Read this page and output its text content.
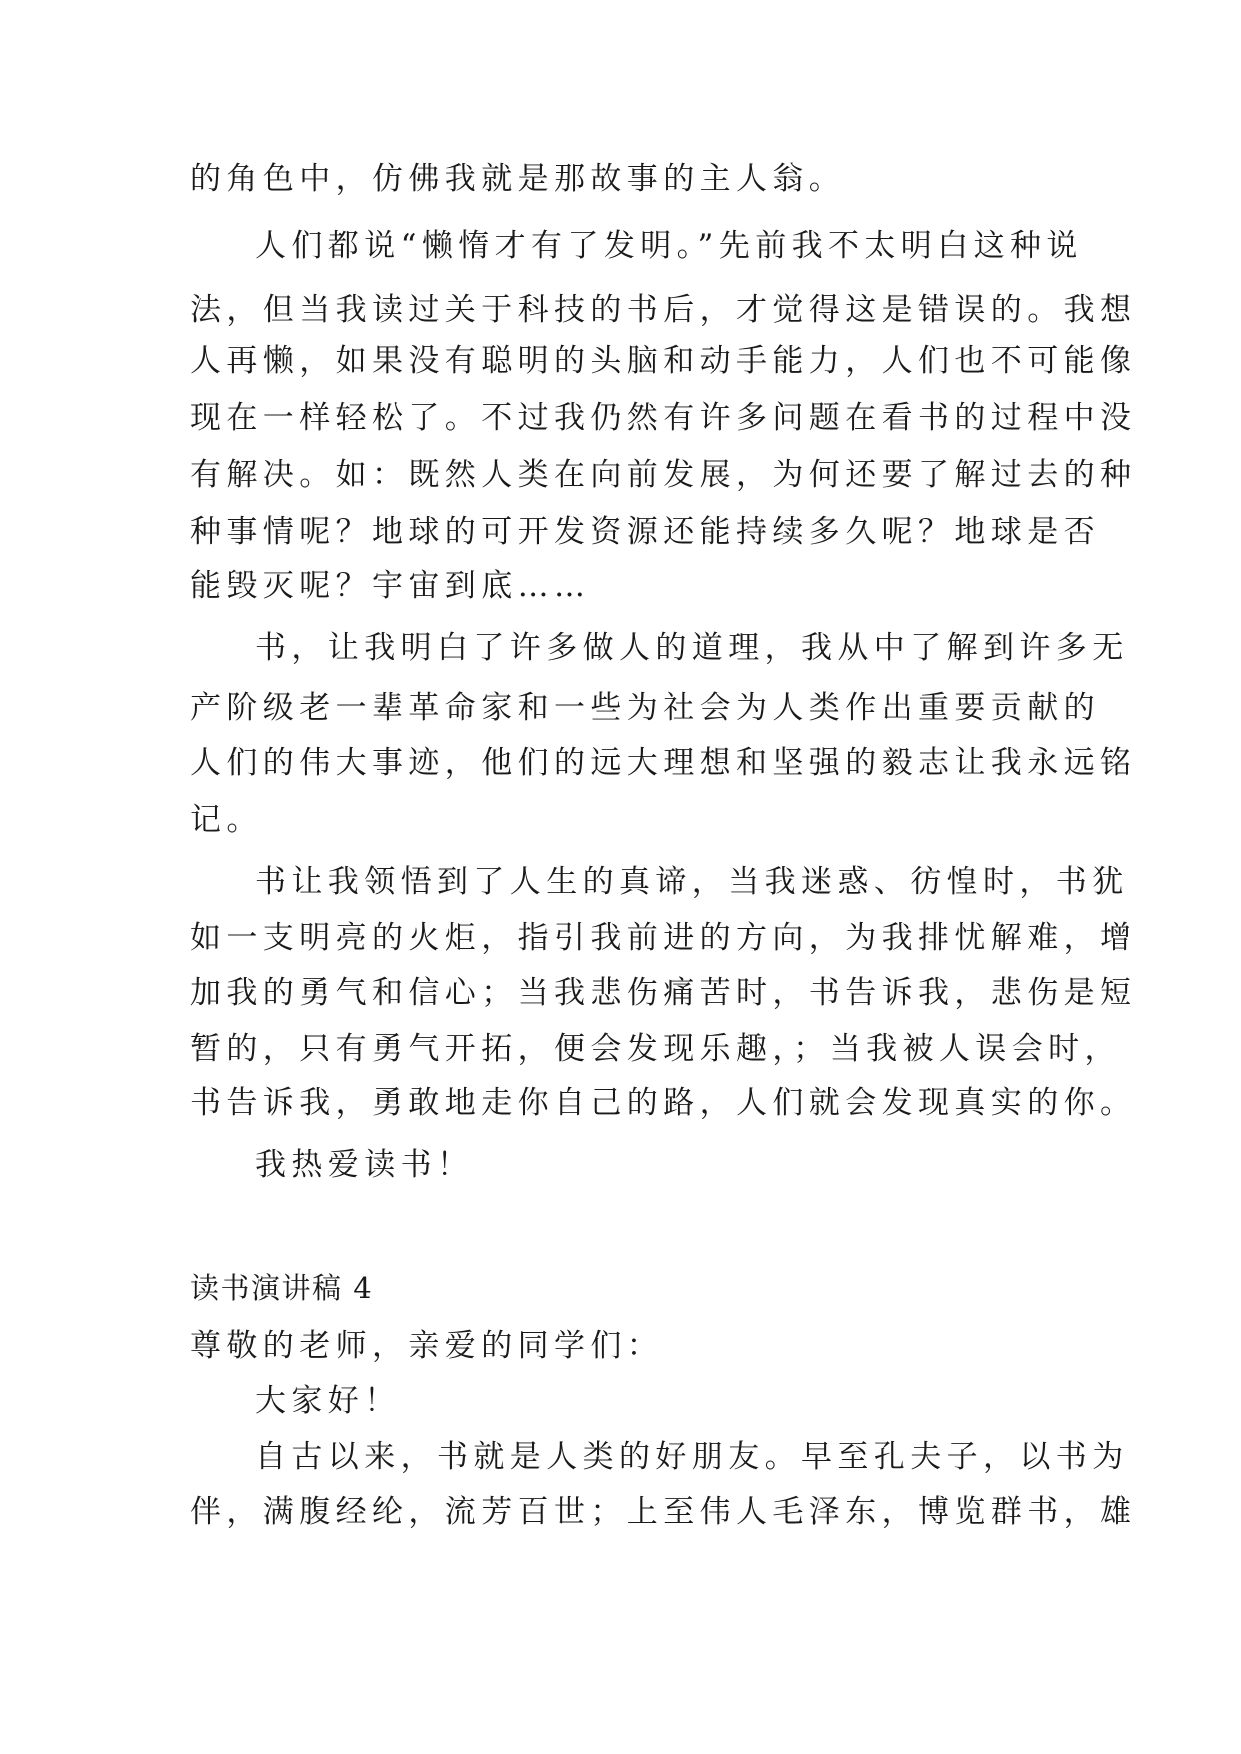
的角色中，仿佛我就是那故事的主人翁。
人们都说“懒惰才有了发明。”先前我不太明白这种说
法，但当我读过关于科技的书后，才觉得这是错误的。我想
人再懒，如果没有聪明的头脑和动手能力，人们也不可能像
现在一样轻松了。不过我仍然有许多问题在看书的过程中没
有解决。如：既然人类在向前发展，为何还要了解过去的种
种事情呢？地球的可开发资源还能持续多久呢？地球是否
能毁灭呢？宇宙到底……
书，让我明白了许多做人的道理，我从中了解到许多无
产阶级老一辈革命家和一些为社会为人类作出重要贡献的
人们的伟大事迹，他们的远大理想和坚强的毅志让我永远铭
记。
书让我领悟到了人生的真谛，当我迷惑、彷惶时，书犹
如一支明亮的火炬，指引我前进的方向，为我排忧解难，增
加我的勇气和信心；当我悲伤痛苦时，书告诉我，悲伤是短
暂的，只有勇气开拓，便会发现乐趣，；当我被人误会时，
书告诉我，勇敢地走你自己的路，人们就会发现真实的你。
我热爱读书！
读书演讲稿 4
尊敬的老师，亲爱的同学们：
大家好！
自古以来，书就是人类的好朋友。早至孔夫子，以书为
伴，满腹经纶，流芳百世；上至伟人毛泽东，博览群书，雄
